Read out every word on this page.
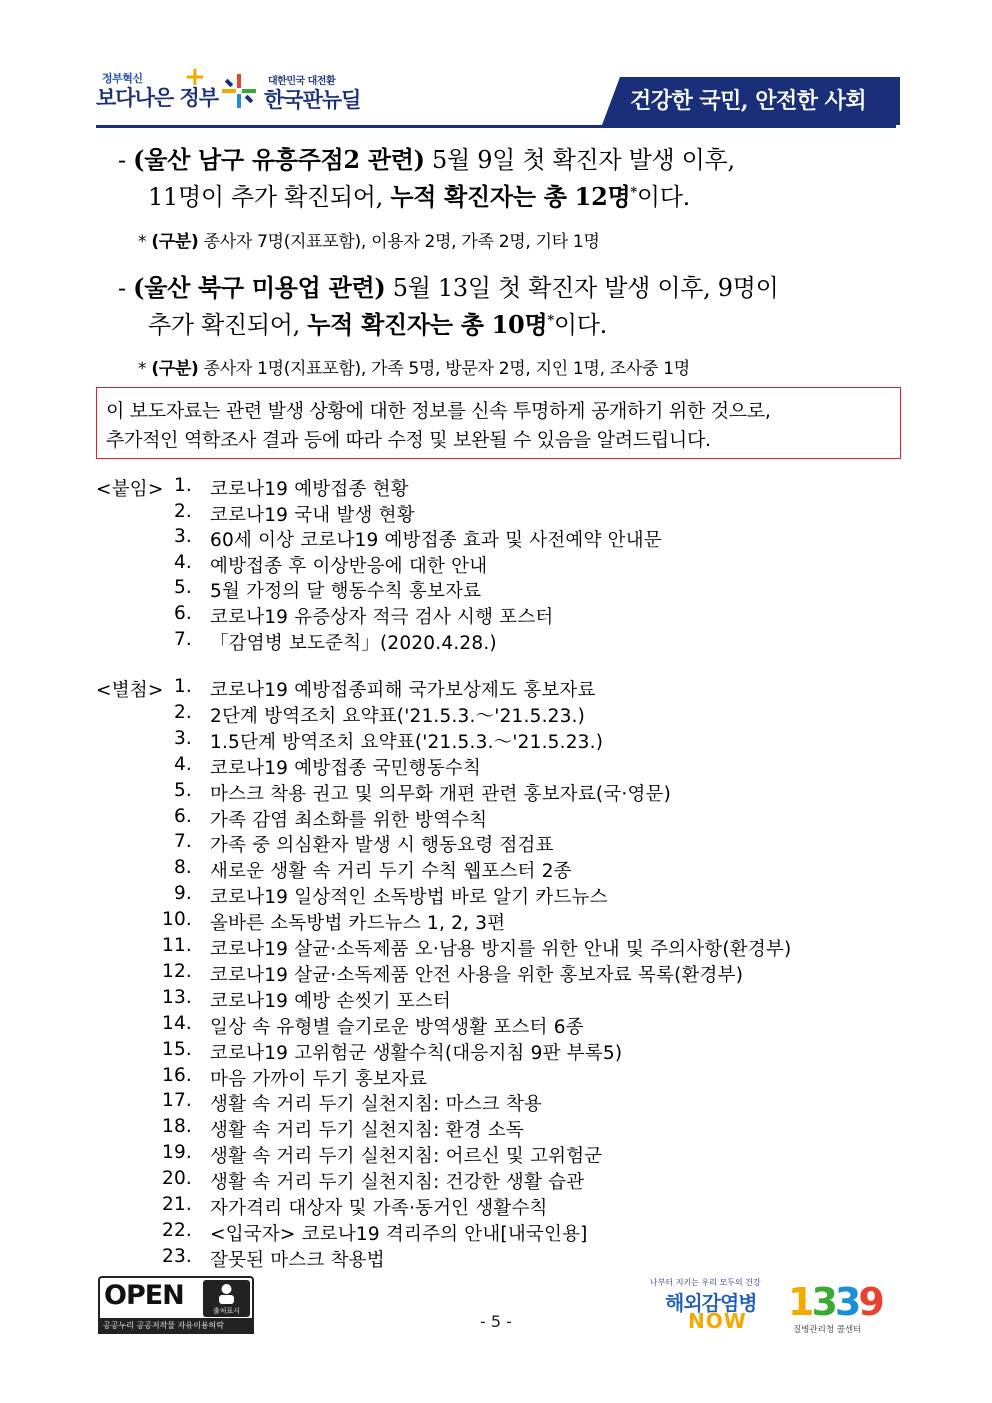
정부혁신
보다나은 정부
+	대한민국 대전환
한국판뉴딜	건강한 국민, 안전한 사회
- (울산 남구 유흥주점2 관련) 5월 9일 첫 확진자 발생 이후,
11명이 추가 확진되어, 누적 확진자는 총 12명*이다.
* (구분) 종사자 7명(지표포함), 이용자 2명, 가족 2명, 기타 1명
- (울산 북구 미용업 관련) 5월 13일 첫 확진자 발생 이후, 9명이
추가 확진되어, 누적 확진자는 총 10명*이다.
* (구분) 종사자 1명(지표포함), 가족 5명, 방문자 2명, 지인 1명, 조사중 1명
이 보도자료는 관련 발생 상황에 대한 정보를 신속 투명하게 공개하기 위한 것으로,
추가적인 역학조사 결과 등에 따라 수정 및 보완될 수 있음을 알려드립니다.
<붙임> 1. 코로나19 예방접종 현황
2. 코로나19 국내 발생 현황
3. 60세 이상 코로나19 예방접종 효과 및 사전예약 안내문
4. 예방접종 후 이상반응에 대한 안내
5. 5월 가정의 달 행동수칙 홍보자료
6. 코로나19 유증상자 적극 검사 시행 포스터
7. 「감염병 보도준칙」(2020.4.28.)
<별첨> 1. 코로나19 예방접종피해 국가보상제도 홍보자료
2. 2단계 방역조치 요약표('21.5.3.～'21.5.23.)
3. 1.5단계 방역조치 요약표('21.5.3.～'21.5.23.)
4. 코로나19 예방접종 국민행동수칙
5. 마스크 착용 권고 및 의무화 개편 관련 홍보자료(국·영문)
6. 가족 감염 최소화를 위한 방역수칙
7. 가족 중 의심환자 발생 시 행동요령 점검표
8. 새로운 생활 속 거리 두기 수칙 웹포스터 2종
9. 코로나19 일상적인 소독방법 바로 알기 카드뉴스
10. 올바른 소독방법 카드뉴스 1, 2, 3편
11. 코로나19 살균·소독제품 오·남용 방지를 위한 안내 및 주의사항(환경부)
12. 코로나19 살균·소독제품 안전 사용을 위한 홍보자료 목록(환경부)
13. 코로나19 예방 손씻기 포스터
14. 일상 속 유형별 슬기로운 방역생활 포스터 6종
15. 코로나19 고위험군 생활수칙(대응지침 9판 부록5)
16. 마음 가까이 두기 홍보자료
17. 생활 속 거리 두기 실천지침: 마스크 착용
18. 생활 속 거리 두기 실천지침: 환경 소독
19. 생활 속 거리 두기 실천지침: 어르신 및 고위험군
20. 생활 속 거리 두기 실천지침: 건강한 생활 습관
21. 자가격리 대상자 및 가족·동거인 생활수칙
22. <입국자> 코로나19 격리주의 안내[내국인용]
23. 잘못된 마스크 착용법
OPEN	출처표시
공공누리 공공저작물 자유이용허락	- 5 -
나부터 지키는 우리 모두의 건강
해외감염병
NOW 1339
질병관리청 콜센터
